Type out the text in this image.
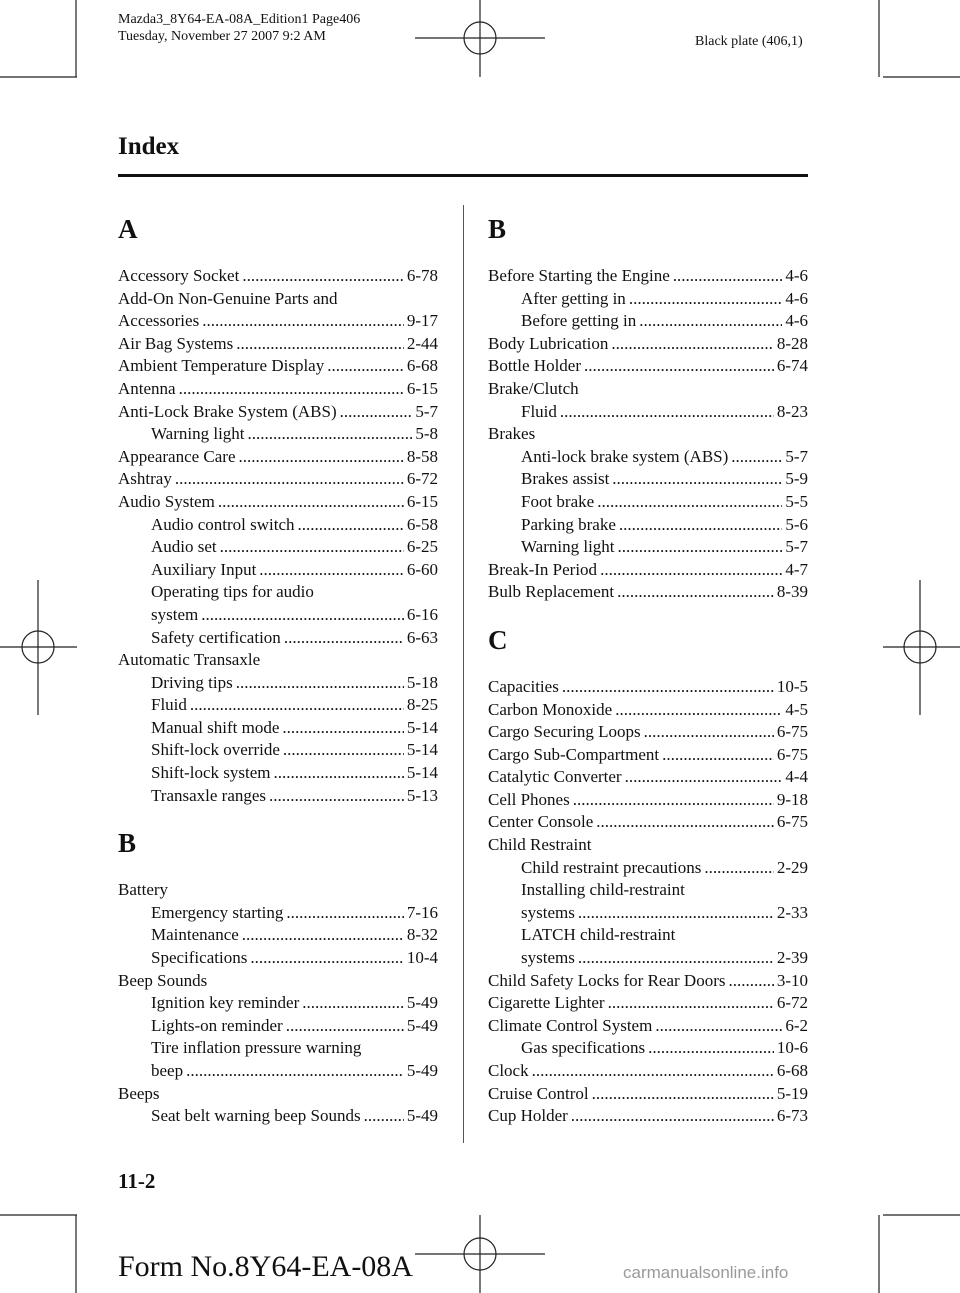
Mazda3_8Y64-EA-08A_Edition1 Page406
Tuesday, November 27 2007 9:2 AM	Black plate (406,1)
Index
A
Accessory Socket .....	6-78
Add-On Non-Genuine Parts and
Accessories .....	9-17
Air Bag Systems .....	2-44
Ambient Temperature Display .....	6-68
Antenna .....	6-15
Anti-Lock Brake System (ABS) .....	5-7
Warning light .....	5-8
Appearance Care .....	8-58
Ashtray .....	6-72
Audio System .....	6-15
Audio control switch .....	6-58
Audio set .....	6-25
Auxiliary Input .....	6-60
Operating tips for audio
system .....	6-16
Safety certification .....	6-63
Automatic Transaxle
Driving tips .....	5-18
Fluid .....	8-25
Manual shift mode .....	5-14
Shift-lock override .....	5-14
Shift-lock system .....	5-14
Transaxle ranges .....	5-13
B
Battery
Emergency starting .....	7-16
Maintenance .....	8-32
Specifications .....	10-4
Beep Sounds
Ignition key reminder .....	5-49
Lights-on reminder .....	5-49
Tire inflation pressure warning
beep .....	5-49
Beeps
Seat belt warning beep Sounds .....	5-49
B
Before Starting the Engine .....	4-6
After getting in .....	4-6
Before getting in .....	4-6
Body Lubrication .....	8-28
Bottle Holder .....	6-74
Brake/Clutch
Fluid .....	8-23
Brakes
Anti-lock brake system (ABS) .....	5-7
Brakes assist .....	5-9
Foot brake .....	5-5
Parking brake .....	5-6
Warning light .....	5-7
Break-In Period .....	4-7
Bulb Replacement .....	8-39
C
Capacities .....	10-5
Carbon Monoxide .....	4-5
Cargo Securing Loops .....	6-75
Cargo Sub-Compartment .....	6-75
Catalytic Converter .....	4-4
Cell Phones .....	9-18
Center Console .....	6-75
Child Restraint
Child restraint precautions .....	2-29
Installing child-restraint
systems .....	2-33
LATCH child-restraint
systems .....	2-39
Child Safety Locks for Rear Doors .....	3-10
Cigarette Lighter .....	6-72
Climate Control System .....	6-2
Gas specifications .....	10-6
Clock .....	6-68
Cruise Control .....	5-19
Cup Holder .....	6-73
11-2
Form No.8Y64-EA-08A	carmanualsonline.info
